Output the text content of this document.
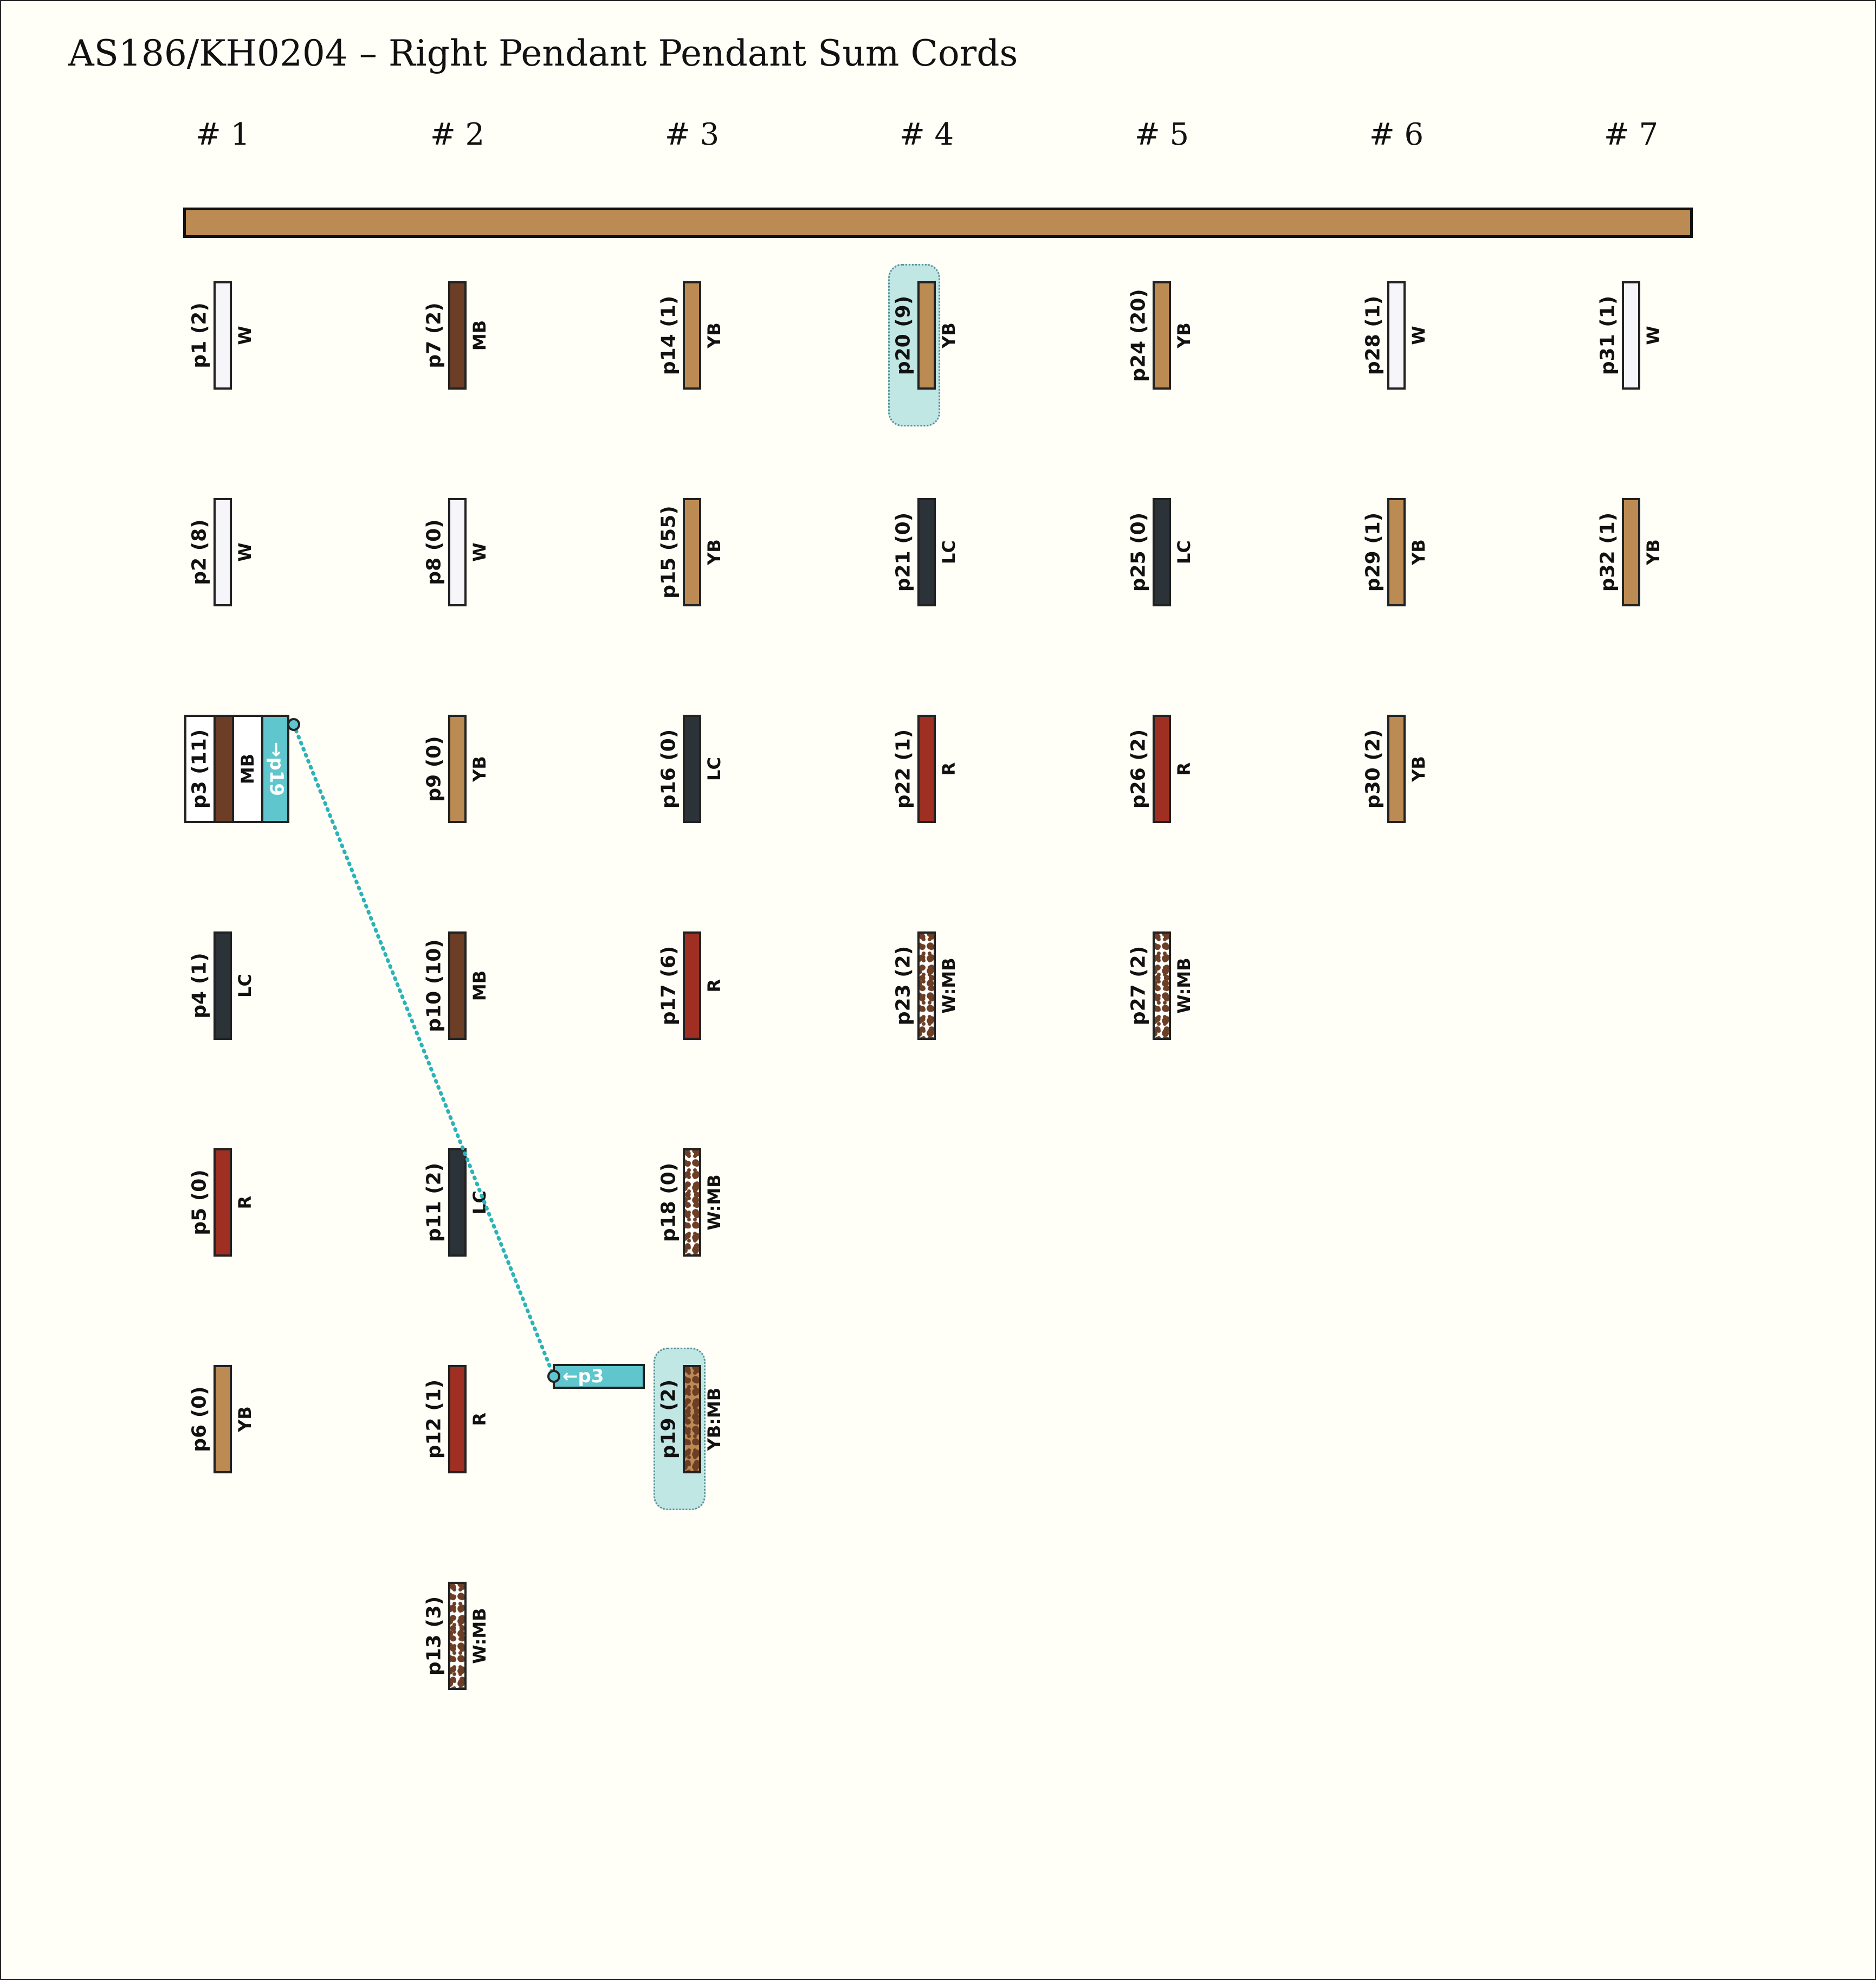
AS186/KH0204 – Right Pendant Pendant Sum Cords
# 1	# 2	# 3	# 4	# 5	# 6	# 7
p1 (2) W
p2 (8) W
→p19
p3 (11) MB
p4 (1) LC
p5 (0) R
p6 (0) YB
p7 (2) MB
p8 (0) W
p9 (0) YB
p10 (10) MB
p11 (2) LC
p12 (1) R
p13 (3) W:MB
p14 (1) YB
p15 (55) YB
p16 (0) LC
p17 (6) R
p18 (0) W:MB
p19 (2) YB:MB
←p3
p20 (9) YB
p21 (0) LC
p22 (1) R
p23 (2) W:MB
p24 (20) YB
p25 (0) LC
p26 (2) R
p27 (2) W:MB
p28 (1) W
p29 (1) YB
p30 (2) YB
p31 (1) W
p32 (1) YB
